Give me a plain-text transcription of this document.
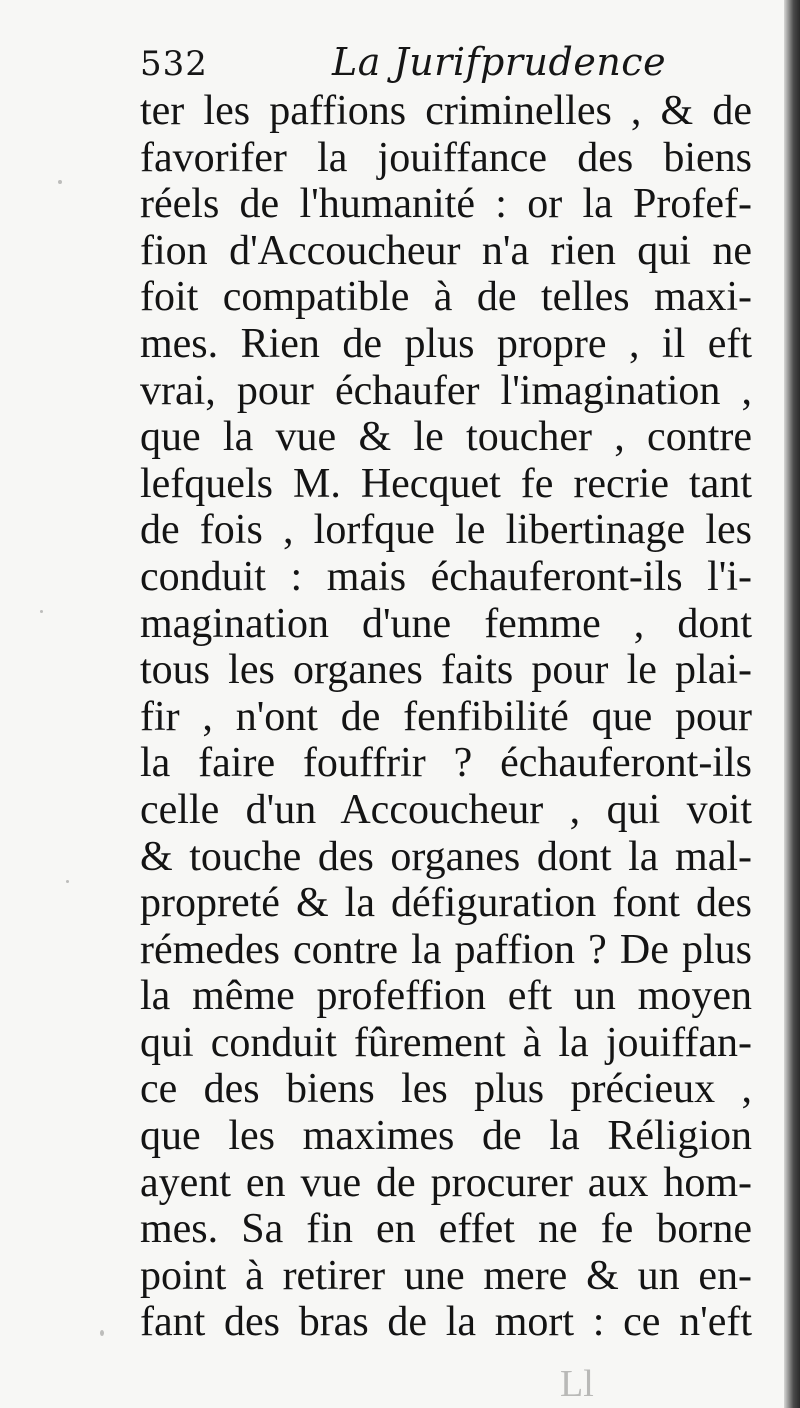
532	La Jurifprudence
ter les paffions criminelles , & de
favorifer la jouiffance des biens
réels de l'humanité : or la Profef-
fion d'Accoucheur n'a rien qui ne
foit compatible à de telles maxi-
mes. Rien de plus propre , il eft
vrai, pour échaufer l'imagination ,
que la vue & le toucher , contre
lefquels M. Hecquet fe recrie tant
de fois , lorfque le libertinage les
conduit : mais échauferont-ils l'i-
magination d'une femme , dont
tous les organes faits pour le plai-
fir , n'ont de fenfibilité que pour
la faire fouffrir ? échauferont-ils
celle d'un Accoucheur , qui voit
& touche des organes dont la mal-
propreté & la défiguration font des
rémedes contre la paffion ? De plus
la même profeffion eft un moyen
qui conduit fûrement à la jouiffan-
ce des biens les plus précieux ,
que les maximes de la Réligion
ayent en vue de procurer aux hom-
mes. Sa fin en effet ne fe borne
point à retirer une mere & un en-
fant des bras de la mort : ce n'eft
Ll
